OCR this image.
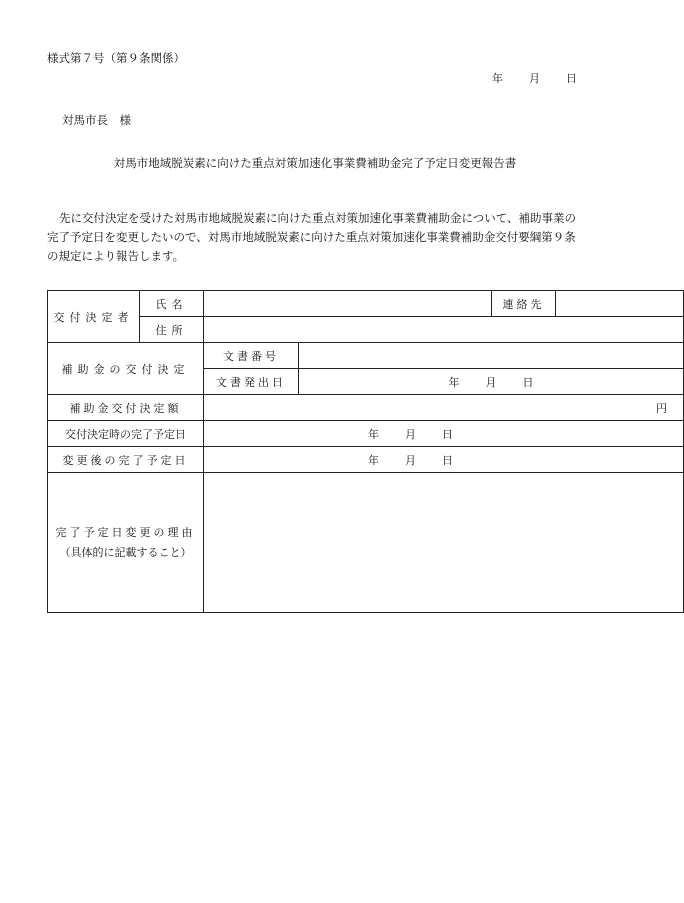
様式第７号（第９条関係）
年 月 日
対馬市長　様
対馬市地域脱炭素に向けた重点対策加速化事業費補助金完了予定日変更報告書
先に交付決定を受けた対馬市地域脱炭素に向けた重点対策加速化事業費補助金について、補助事業の完了予定日を変更したいので、対馬市地域脱炭素に向けた重点対策加速化事業費補助金交付要綱第９条の規定により報告します。
交付決定者	氏名			連絡先	
	住所				
補助金の交付決定		文書番号			
		文書発出日	年 月 日		
補助金交付決定額		円			
交付決定時の完了予定日		年 月 日			
変更後の完了予定日		年 月 日			

完了予定日変更の理由
（具体的に記載すること）					
